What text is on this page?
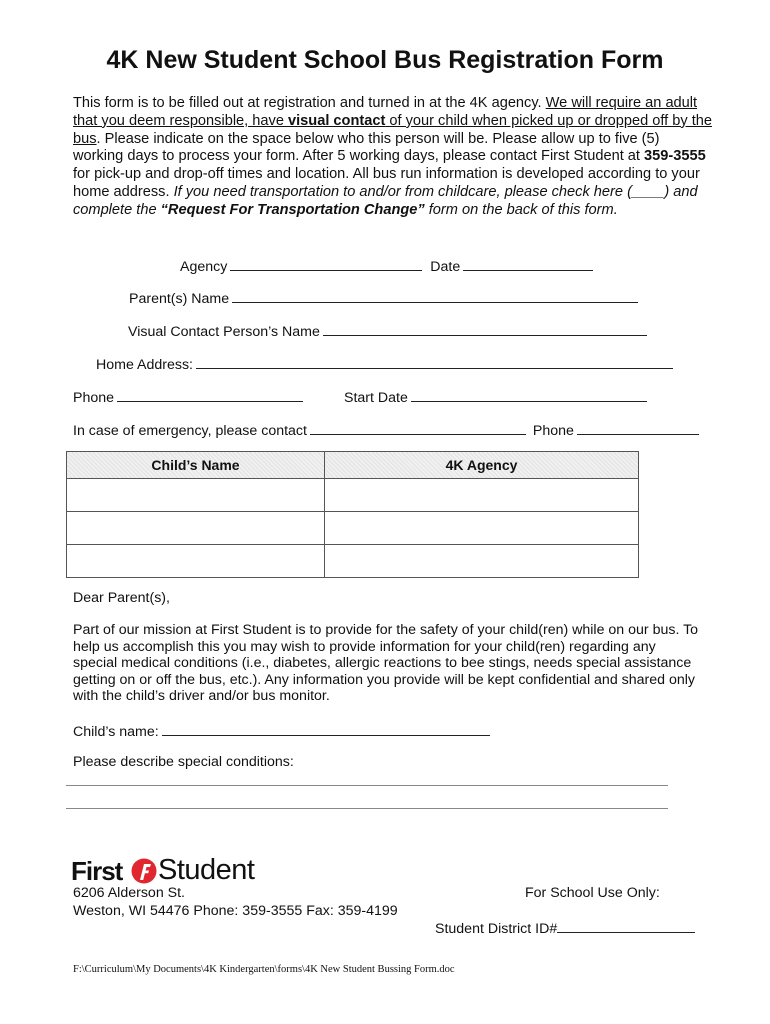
4K New Student School Bus Registration Form
This form is to be filled out at registration and turned in at the 4K agency. We will require an adult that you deem responsible, have visual contact of your child when picked up or dropped off by the bus. Please indicate on the space below who this person will be. Please allow up to five (5) working days to process your form. After 5 working days, please contact First Student at 359-3555 for pick-up and drop-off times and location. All bus run information is developed according to your home address. If you need transportation to and/or from childcare, please check here (____) and complete the “Request For Transportation Change” form on the back of this form.
Agency	Date
Parent(s) Name
Visual Contact Person’s Name
Home Address:
Phone	Start Date
In case of emergency, please contact	Phone
Child’s Name	4K Agency

Dear Parent(s),
Part of our mission at First Student is to provide for the safety of your child(ren) while on our bus. To help us accomplish this you may wish to provide information for your child(ren) regarding any special medical conditions (i.e., diabetes, allergic reactions to bee stings, needs special assistance getting on or off the bus, etc.). Any information you provide will be kept confidential and shared only with the child’s driver and/or bus monitor.
Child’s name:
Please describe special conditions:
First Student
6206 Alderson St.
Weston, WI 54476 Phone: 359-3555 Fax: 359-4199
For School Use Only:
Student District ID#
F:\Curriculum\My Documents\4K Kindergarten\forms\4K New Student Bussing Form.doc
